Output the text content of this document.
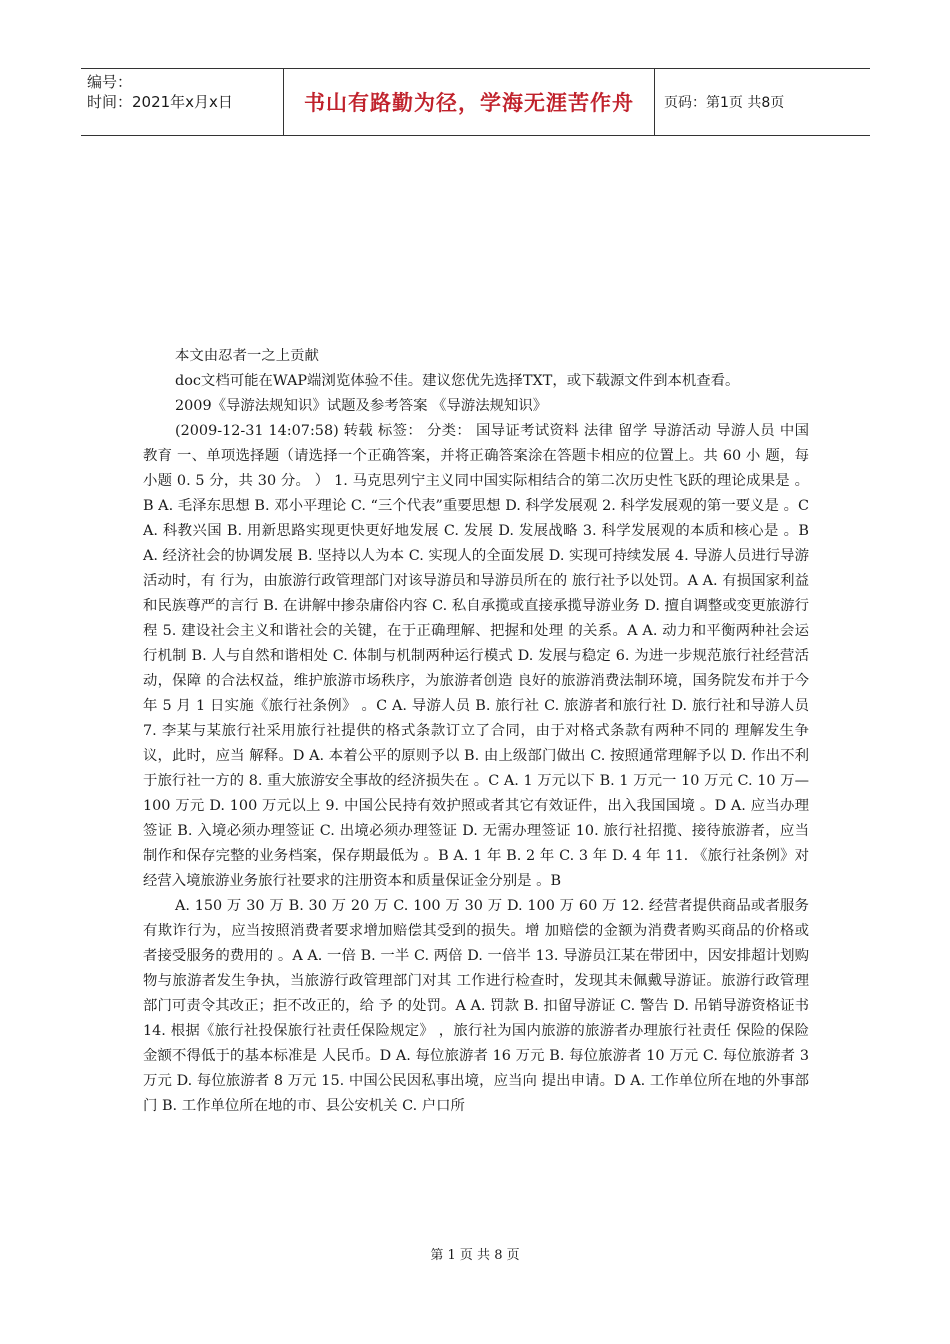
编号：
时间：2021年x月x日	书山有路勤为径，学海无涯苦作舟	页码：第1页 共8页

本文由忍者一之上贡献

doc文档可能在WAP端浏览体验不佳。建议您优先选择TXT，或下载源文件到本机查看。

2009《导游法规知识》试题及参考答案 《导游法规知识》

(2009-12-31 14:07:58) 转载 标签： 分类： 国导证考试资料 法律 留学 导游活动 导游人员 中国 教育 一、单项选择题（请选择一个正确答案，并将正确答案涂在答题卡相应的位置上。共 60 小 题，每小题 0. 5 分，共 30 分。 ） 1. 马克思列宁主义同中国实际相结合的第二次历史性飞跃的理论成果是 。B A. 毛泽东思想 B. 邓小平理论 C. “三个代表”重要思想 D. 科学发展观 2. 科学发展观的第一要义是 。C A. 科教兴国 B. 用新思路实现更快更好地发展 C. 发展 D. 发展战略 3. 科学发展观的本质和核心是 。B A. 经济社会的协调发展 B. 坚持以人为本 C. 实现人的全面发展 D. 实现可持续发展 4. 导游人员进行导游活动时，有 行为，由旅游行政管理部门对该导游员和导游员所在的 旅行社予以处罚。A A. 有损国家利益和民族尊严的言行 B. 在讲解中掺杂庸俗内容 C. 私自承揽或直接承揽导游业务 D. 擅自调整或变更旅游行程 5. 建设社会主义和谐社会的关键，在于正确理解、把握和处理 的关系。A A. 动力和平衡两种社会运行机制 B. 人与自然和谐相处 C. 体制与机制两种运行模式 D. 发展与稳定 6. 为进一步规范旅行社经营活动，保障 的合法权益，维护旅游市场秩序，为旅游者创造 良好的旅游消费法制环境，国务院发布并于今年 5 月 1 日实施《旅行社条例》 。C A. 导游人员 B. 旅行社 C. 旅游者和旅行社 D. 旅行社和导游人员 7. 李某与某旅行社采用旅行社提供的格式条款订立了合同，由于对格式条款有两种不同的 理解发生争议，此时，应当 解释。D A. 本着公平的原则予以 B. 由上级部门做出 C. 按照通常理解予以 D. 作出不利于旅行社一方的 8. 重大旅游安全事故的经济损失在 。C A. 1 万元以下 B. 1 万元一 10 万元 C. 10 万—100 万元 D. 100 万元以上 9. 中国公民持有效护照或者其它有效证件，出入我国国境 。D A. 应当办理签证 B. 入境必须办理签证 C. 出境必须办理签证 D. 无需办理签证 10. 旅行社招揽、接待旅游者，应当制作和保存完整的业务档案，保存期最低为 。B A. 1 年 B. 2 年 C. 3 年 D. 4 年 11. 《旅行社条例》对经营入境旅游业务旅行社要求的注册资本和质量保证金分别是 。B

A. 150 万 30 万 B. 30 万 20 万 C. 100 万 30 万 D. 100 万 60 万 12. 经营者提供商品或者服务有欺诈行为，应当按照消费者要求增加赔偿其受到的损失。增 加赔偿的金额为消费者购买商品的价格或者接受服务的费用的 。A A. 一倍 B. 一半 C. 两倍 D. 一倍半 13. 导游员江某在带团中，因安排超计划购物与旅游者发生争执，当旅游行政管理部门对其 工作进行检查时，发现其未佩戴导游证。旅游行政管理部门可责令其改正；拒不改正的，给 予 的处罚。A A. 罚款 B. 扣留导游证 C. 警告 D. 吊销导游资格证书 14. 根据《旅行社投保旅行社责任保险规定》 ，旅行社为国内旅游的旅游者办理旅行社责任 保险的保险金额不得低于的基本标准是 人民币。D A. 每位旅游者 16 万元 B. 每位旅游者 10 万元 C. 每位旅游者 3 万元 D. 每位旅游者 8 万元 15. 中国公民因私事出境，应当向 提出申请。D A. 工作单位所在地的外事部门 B. 工作单位所在地的市、县公安机关 C. 户口所

第 1 页 共 8 页
